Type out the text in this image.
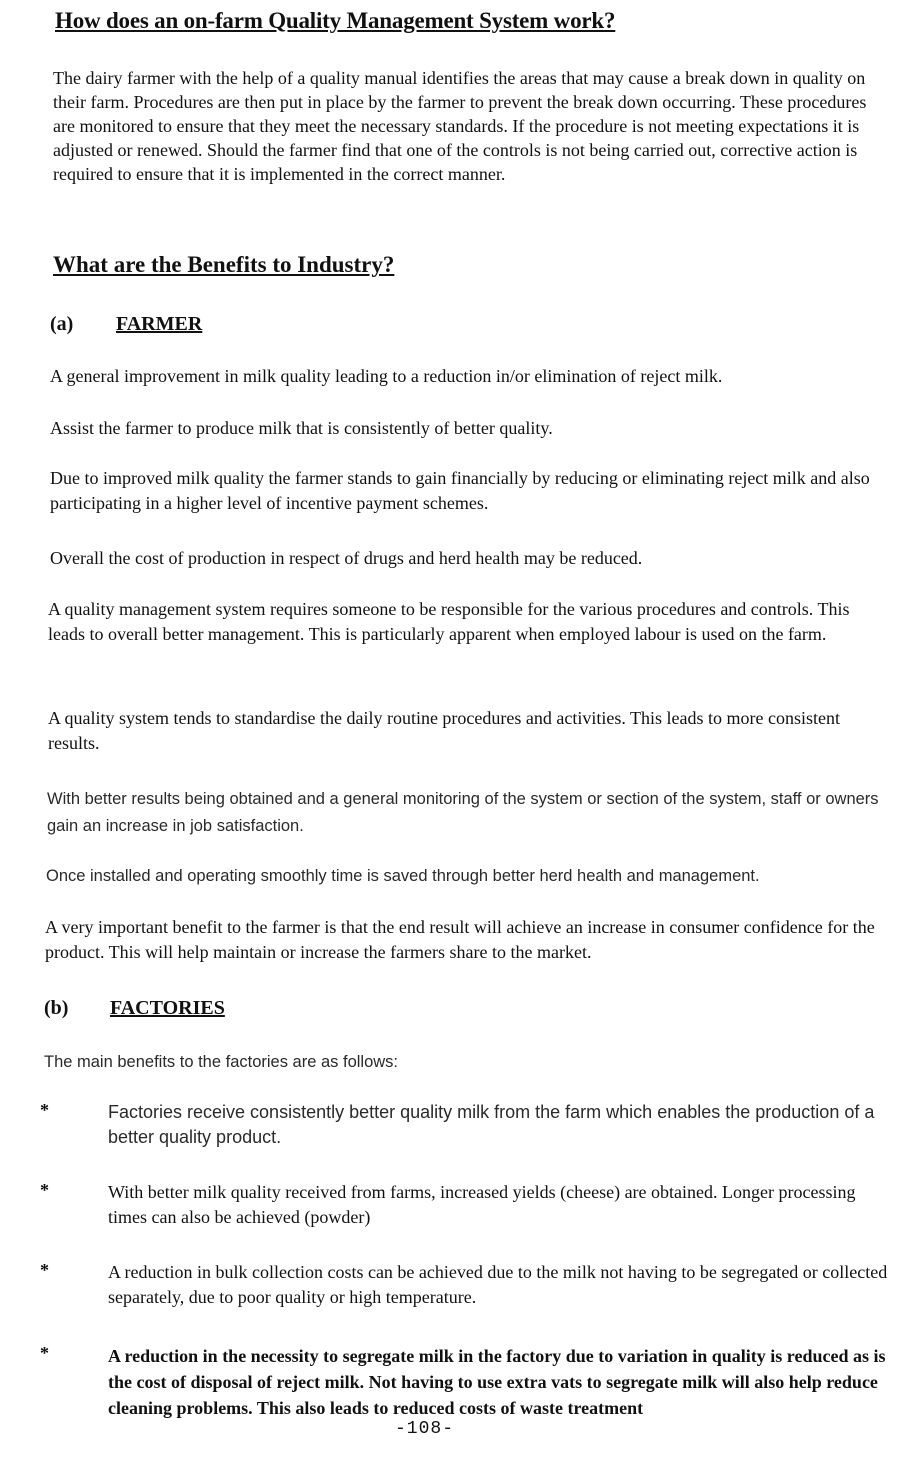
How does an on-farm Quality Management System work?

The dairy farmer with the help of a quality manual identifies the areas that may cause a break down in quality on their farm. Procedures are then put in place by the farmer to prevent the break down occurring. These procedures are monitored to ensure that they meet the necessary standards. If the procedure is not meeting expectations it is adjusted or renewed. Should the farmer find that one of the controls is not being carried out, corrective action is required to ensure that it is implemented in the correct manner.

What are the Benefits to Industry?
(a) FARMER

A general improvement in milk quality leading to a reduction in/or elimination of reject milk.

Assist the farmer to produce milk that is consistently of better quality.

Due to improved milk quality the farmer stands to gain financially by reducing or eliminating reject milk and also participating in a higher level of incentive payment schemes.

Overall the cost of production in respect of drugs and herd health may be reduced.

A quality management system requires someone to be responsible for the various procedures and controls. This leads to overall better management. This is particularly apparent when employed labour is used on the farm.

A quality system tends to standardise the daily routine procedures and activities. This leads to more consistent results.

With better results being obtained and a general monitoring of the system or section of the system, staff or owners gain an increase in job satisfaction.

Once installed and operating smoothly time is saved through better herd health and management.

A very important benefit to the farmer is that the end result will achieve an increase in consumer confidence for the product. This will help maintain or increase the farmers share to the market.

(b) FACTORIES

The main benefits to the factories are as follows:

*	Factories receive consistently better quality milk from the farm which enables the production of a better quality product.

*	With better milk quality received from farms, increased yields (cheese) are obtained. Longer processing times can also be achieved (powder)

*	A reduction in bulk collection costs can be achieved due to the milk not having to be segregated or collected separately, due to poor quality or high temperature.

*	A reduction in the necessity to segregate milk in the factory due to variation in quality is reduced as is the cost of disposal of reject milk. Not having to use extra vats to segregate milk will also help reduce cleaning problems. This also leads to reduced costs of waste treatment

-108-
